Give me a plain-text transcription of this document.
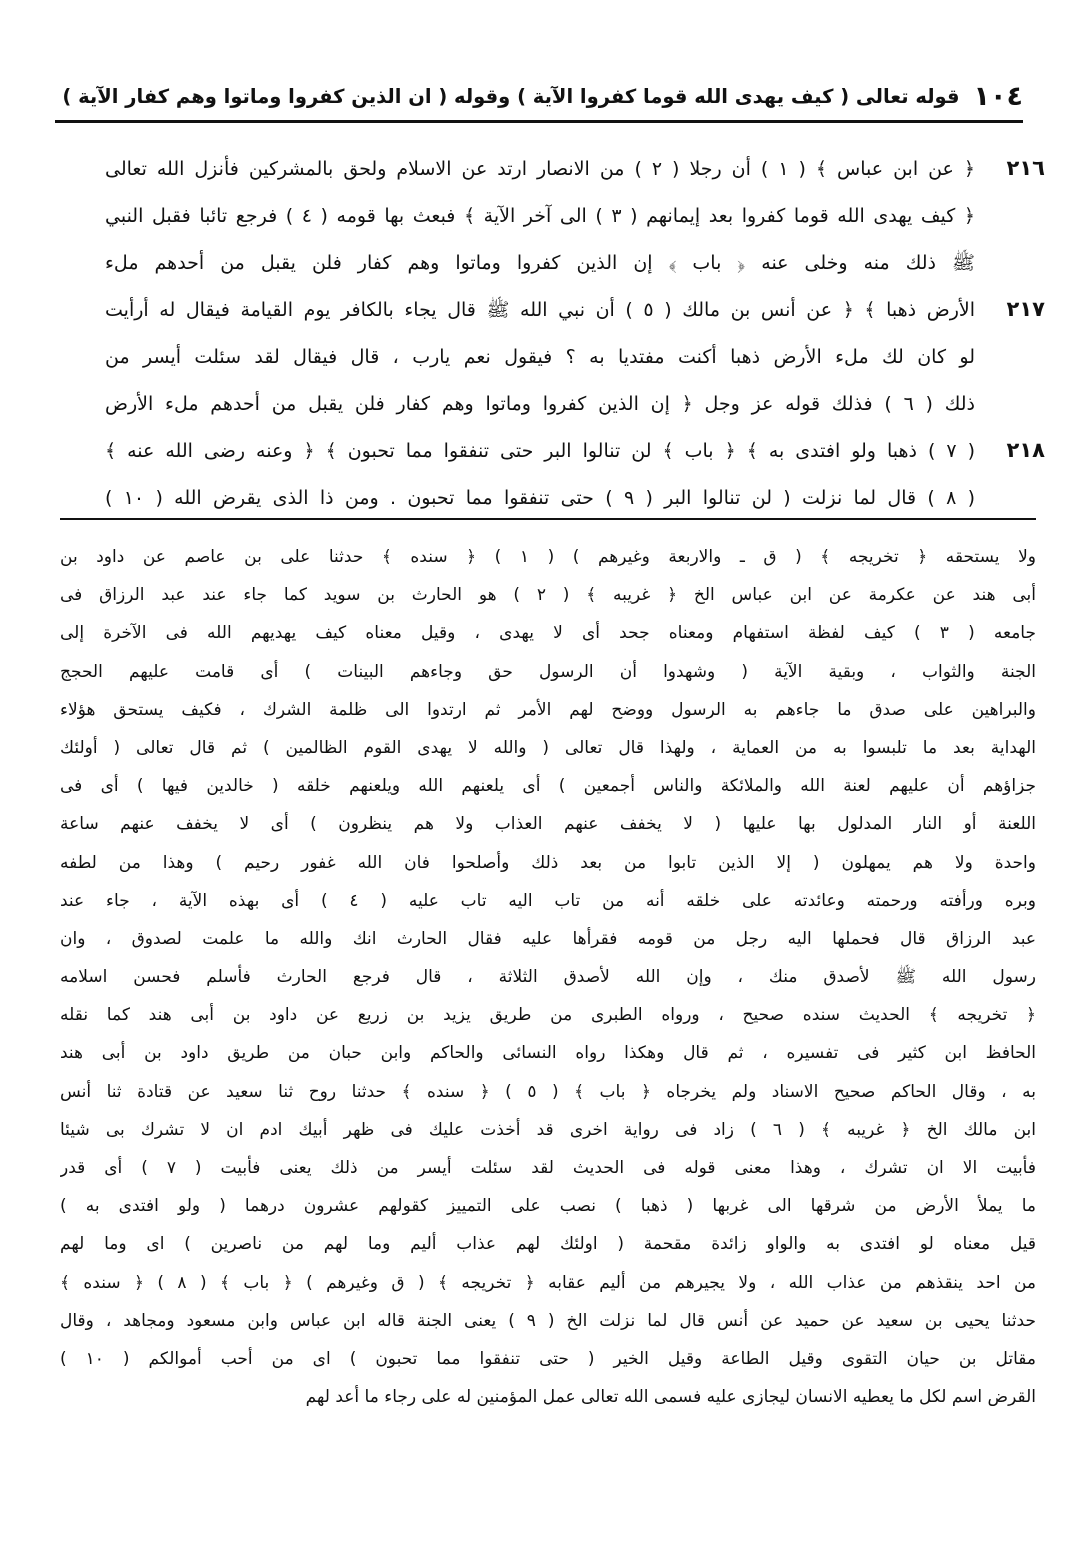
١٠٤
قوله تعالى ( كيف يهدى الله قوما كفروا الآية ) وقوله ( ان الذين كفروا وماتوا وهم كفار الآية )
٢١٦
﴿ عن ابن عباس ﴾ ( ١ ) أن رجلا ( ٢ ) من الانصار ارتد عن الاسلام ولحق بالمشركين فأنزل الله تعالى
﴿ كيف يهدى الله قوما كفروا بعد إيمانهم ( ٣ ) الى آخر الآية ﴾ فبعث بها قومه ( ٤ ) فرجع تائبا فقبل النبي
ﷺ ذلك منه وخلى عنه ﴿ باب ﴾ إن الذين كفروا وماتوا وهم كفار فلن يقبل من أحدهم ملء
٢١٧
الأرض ذهبا ﴾ ﴿ عن أنس بن مالك ( ٥ ) أن نبي الله ﷺ قال يجاء بالكافر يوم القيامة فيقال له أرأيت
لو كان لك ملء الأرض ذهبا أكنت مفتديا به ؟ فيقول نعم يارب ، قال فيقال لقد سئلت أيسر من
ذلك ( ٦ ) فذلك قوله عز وجل ﴿ إن الذين كفروا وماتوا وهم كفار فلن يقبل من أحدهم ملء الأرض
٢١٨
( ٧ ) ذهبا ولو افتدى به ﴾ ﴿ باب ﴾ لن تنالوا البر حتى تنفقوا مما تحبون ﴾ ﴿ وعنه رضى الله عنه ﴾
( ٨ ) قال لما نزلت ( لن تنالوا البر ( ٩ ) حتى تنفقوا مما تحبون . ومن ذا الذى يقرض الله ( ١٠ )
ولا يستحقه ﴿ تخريجه ﴾ ( ق ـ والاربعة وغيرهم ) ( ١ ) ﴿ سنده ﴾ حدثنا على بن عاصم عن داود بن
أبى هند عن عكرمة عن ابن عباس الخ ﴿ غريبه ﴾ ( ٢ ) هو الحارث بن سويد كما جاء عند عبد الرزاق فى
جامعه ( ٣ ) كيف لفظة استفهام ومعناه جحد أى لا يهدى ، وقيل معناه كيف يهديهم الله فى الآخرة إلى
الجنة والثواب ، وبقية الآية ( وشهدوا أن الرسول حق وجاءهم البينات ) أى قامت عليهم الحجج
والبراهين على صدق ما جاءهم به الرسول ووضح لهم الأمر ثم ارتدوا الى ظلمة الشرك ، فكيف يستحق هؤلاء
الهداية بعد ما تلبسوا به من العماية ، ولهذا قال تعالى ( والله لا يهدى القوم الظالمين ) ثم قال تعالى ( أولئك
جزاؤهم أن عليهم لعنة الله والملائكة والناس أجمعين ) أى يلعنهم الله ويلعنهم خلقه ( خالدين فيها ) أى فى
اللعنة أو النار المدلول بها عليها ( لا يخفف عنهم العذاب ولا هم ينظرون ) أى لا يخفف عنهم ساعة
واحدة ولا هم يمهلون ( إلا الذين تابوا من بعد ذلك وأصلحوا فان الله غفور رحيم ) وهذا من لطفه
وبره ورأفته ورحمته وعائدته على خلقه أنه من تاب اليه تاب عليه ( ٤ ) أى بهذه الآية ، جاء عند
عبد الرزاق قال فحملها اليه رجل من قومه فقرأها عليه فقال الحارث انك والله ما علمت لصدوق ، وان
رسول الله ﷺ لأصدق منك ، وإن الله لأصدق الثلاثة ، قال فرجع الحارث فأسلم فحسن اسلامه
﴿ تخريجه ﴾ الحديث سنده صحيح ، ورواه الطبرى من طريق يزيد بن زريع عن داود بن أبى هند كما نقله
الحافظ ابن كثير فى تفسيره ، ثم قال وهكذا رواه النسائى والحاكم وابن حبان من طريق داود بن أبى هند
به ، وقال الحاكم صحيح الاسناد ولم يخرجاه ﴿ باب ﴾ ( ٥ ) ﴿ سنده ﴾ حدثنا روح ثنا سعيد عن قتادة ثنا أنس
ابن مالك الخ ﴿ غريبه ﴾ ( ٦ ) زاد فى رواية اخرى قد أخذت عليك فى ظهر أبيك ادم ان لا تشرك بى شيئا
فأبيت الا ان تشرك ، وهذا معنى قوله فى الحديث لقد سئلت أيسر من ذلك يعنى فأبيت ( ٧ ) أى قدر
ما يملأ الأرض من شرقها الى غربها ( ذهبا ) نصب على التمييز كقولهم عشرون درهما ( ولو افتدى به )
قيل معناه لو افتدى به والواو زائدة مقحمة ( اولئك لهم عذاب أليم وما لهم من ناصرين ) اى وما لهم
من احد ينقذهم من عذاب الله ، ولا يجيرهم من أليم عقابه ﴿ تخريجه ﴾ ( ق وغيرهم ) ﴿ باب ﴾ ( ٨ ) ﴿ سنده ﴾
حدثنا يحيى بن سعيد عن حميد عن أنس قال لما نزلت الخ ( ٩ ) يعنى الجنة قاله ابن عباس وابن مسعود ومجاهد ، وقال
مقاتل بن حيان التقوى وقيل الطاعة وقيل الخير ( حتى تنفقوا مما تحبون ) اى من أحب أموالكم ( ١٠ )
القرض اسم لكل ما يعطيه الانسان ليجازى عليه فسمى الله تعالى عمل المؤمنين له على رجاء ما أعد لهم
